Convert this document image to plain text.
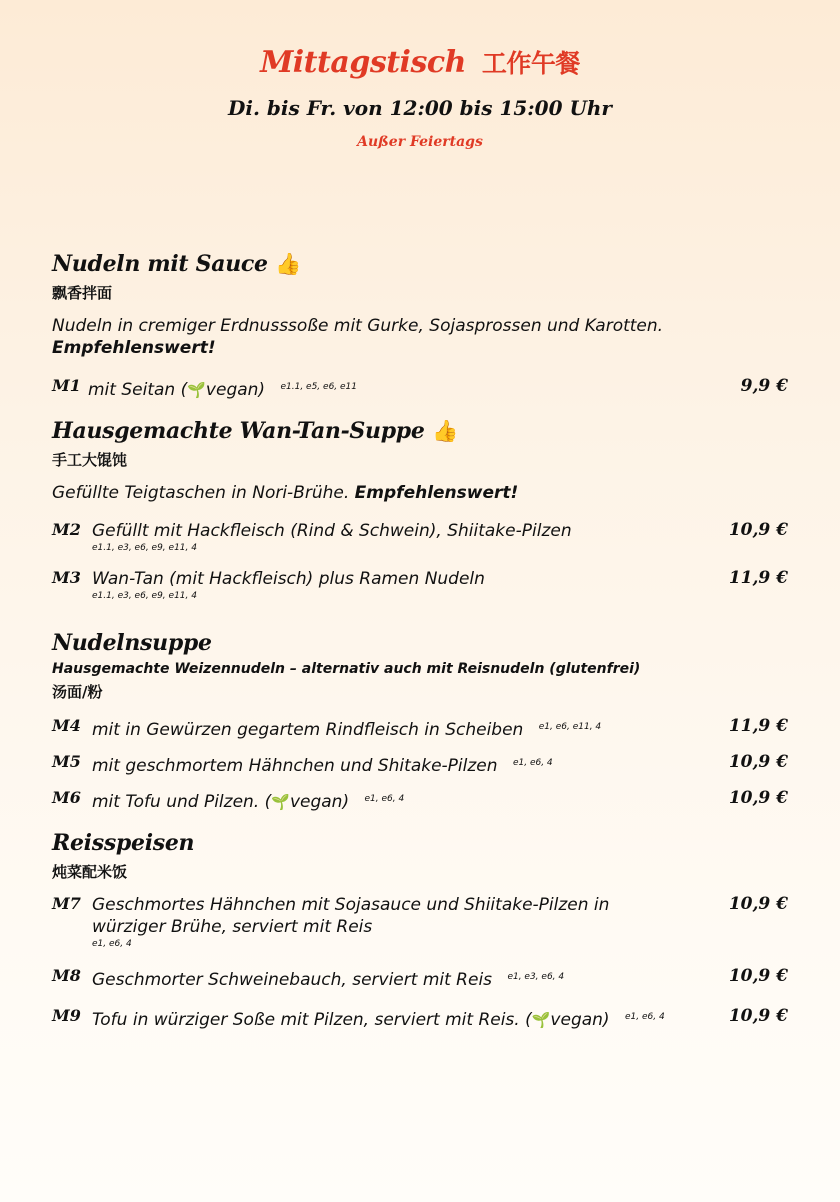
Mittagstisch 工作午餐
Di. bis Fr. von 12:00 bis 15:00 Uhr
Außer Feiertags
Nudeln mit Sauce 👍
飘香拌面
Nudeln in cremiger Erdnusssoße mit Gurke, Sojasprossen und Karotten.
Empfehlenswert!
M1 mit Seitan (🌱vegan) $^{e1.1, e5, e6, e11}$	9,9 €
Hausgemachte Wan-Tan-Suppe 👍
手工大馄饨
Gefüllte Teigtaschen in Nori-Brühe. Empfehlenswert!
M2 Gefüllt mit Hackfleisch (Rind & Schwein), Shiitake-Pilzen
e1.1, e3, e6, e9, e11, 4
10,9 €
M3 Wan-Tan (mit Hackfleisch) plus Ramen Nudeln
e1.1, e3, e6, e9, e11, 4
11,9 €
Nudelnsuppe
Hausgemachte Weizennudeln – alternativ auch mit Reisnudeln (glutenfrei)
汤面/粉
M4 mit in Gewürzen gegartem Rindfleisch in Scheiben $^{e1, e6, e11, 4}$	11,9 €
M5 mit geschmortem Hähnchen und Shitake-Pilzen $^{e1, e6, 4}$	10,9 €
M6 mit Tofu und Pilzen. (🌱vegan) $^{e1, e6, 4}$	10,9 €
Reisspeisen
炖菜配米饭
M7 Geschmortes Hähnchen mit Sojasauce und Shiitake-Pilzen in würziger Brühe, serviert mit Reis
e1, e6, 4
10,9 €
M8 Geschmorter Schweinebauch, serviert mit Reis $^{e1, e3, e6, 4}$	10,9 €
M9 Tofu in würziger Soße mit Pilzen, serviert mit Reis. (🌱vegan) $^{e1, e6, 4}$	10,9 €
